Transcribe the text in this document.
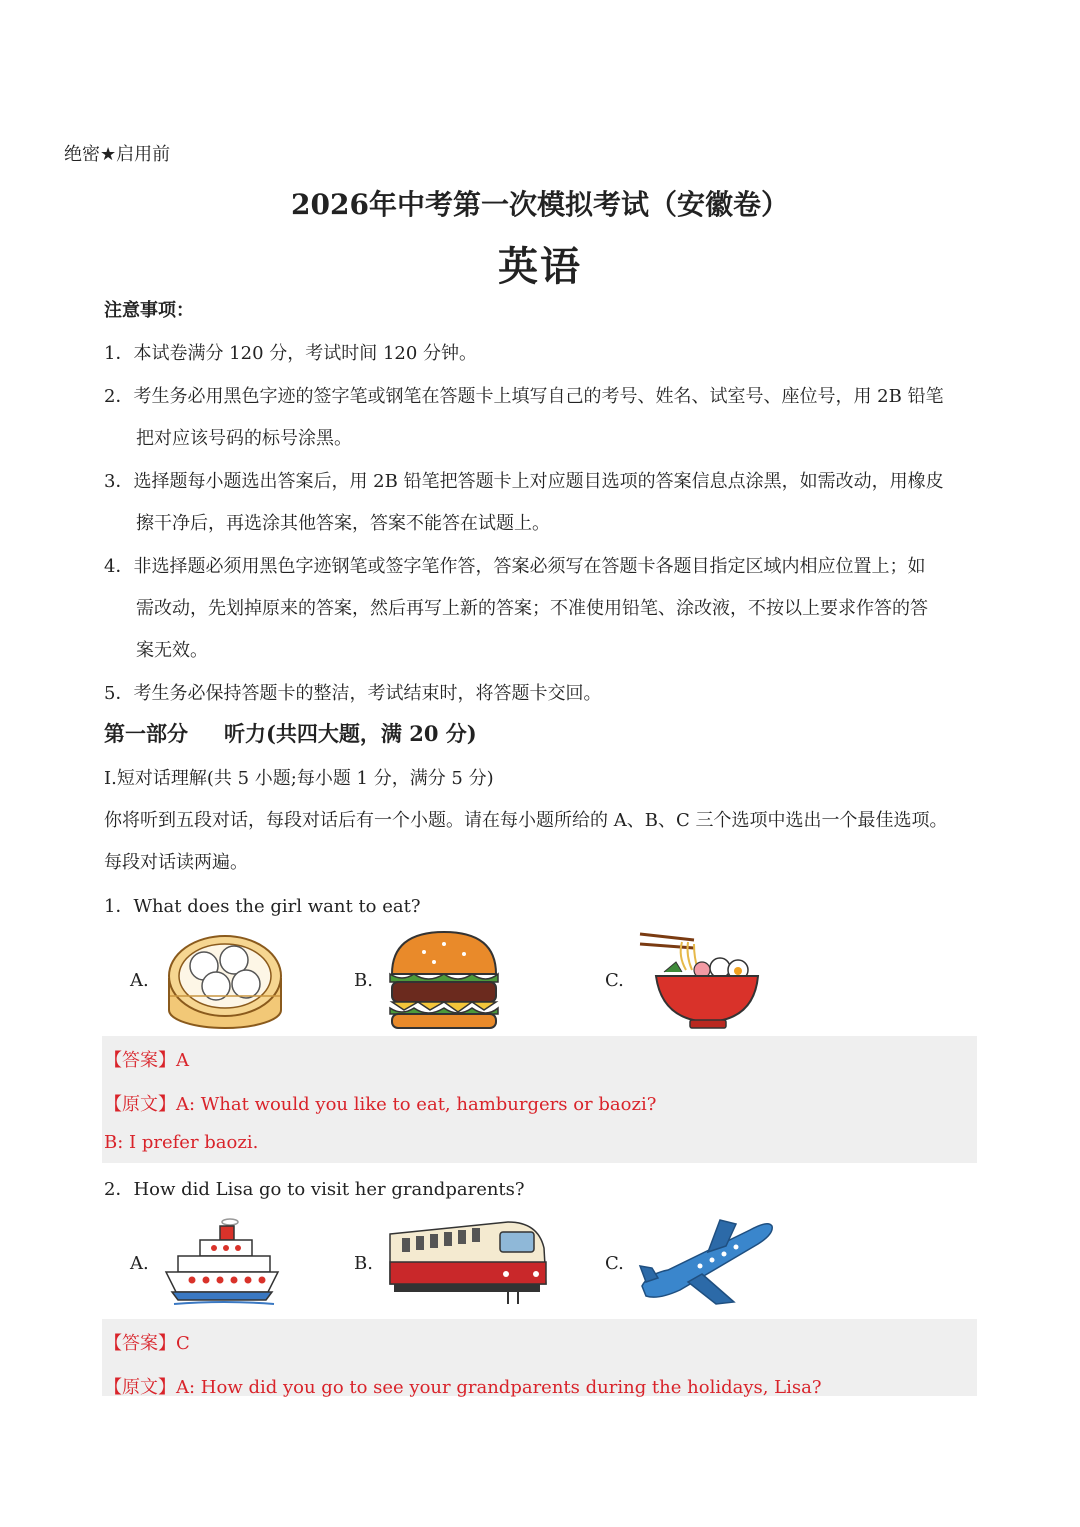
绝密★启用前
2026年中考第一次模拟考试（安徽卷）
英语
注意事项：
1．本试卷满分 120 分，考试时间 120 分钟。
2．考生务必用黑色字迹的签字笔或钢笔在答题卡上填写自己的考号、姓名、试室号、座位号，用 2B 铅笔
把对应该号码的标号涂黑。
3．选择题每小题选出答案后，用 2B 铅笔把答题卡上对应题目选项的答案信息点涂黑，如需改动，用橡皮
擦干净后，再选涂其他答案，答案不能答在试题上。
4．非选择题必须用黑色字迹钢笔或签字笔作答，答案必须写在答题卡各题目指定区域内相应位置上；如
需改动，先划掉原来的答案，然后再写上新的答案；不准使用铅笔、涂改液，不按以上要求作答的答
案无效。
5．考生务必保持答题卡的整洁，考试结束时，将答题卡交回。
第一部分 听力(共四大题，满 20 分)
I.短对话理解(共 5 小题;每小题 1 分，满分 5 分)
你将听到五段对话，每段对话后有一个小题。请在每小题所给的 A、B、C 三个选项中选出一个最佳选项。
每段对话读两遍。
1．What does the girl want to eat?
A.	B.	C.
【答案】A
【原文】A: What would you like to eat, hamburgers or baozi?
B: I prefer baozi.
2．How did Lisa go to visit her grandparents?
A.	B.	C.
【答案】C
【原文】A: How did you go to see your grandparents during the holidays, Lisa?
